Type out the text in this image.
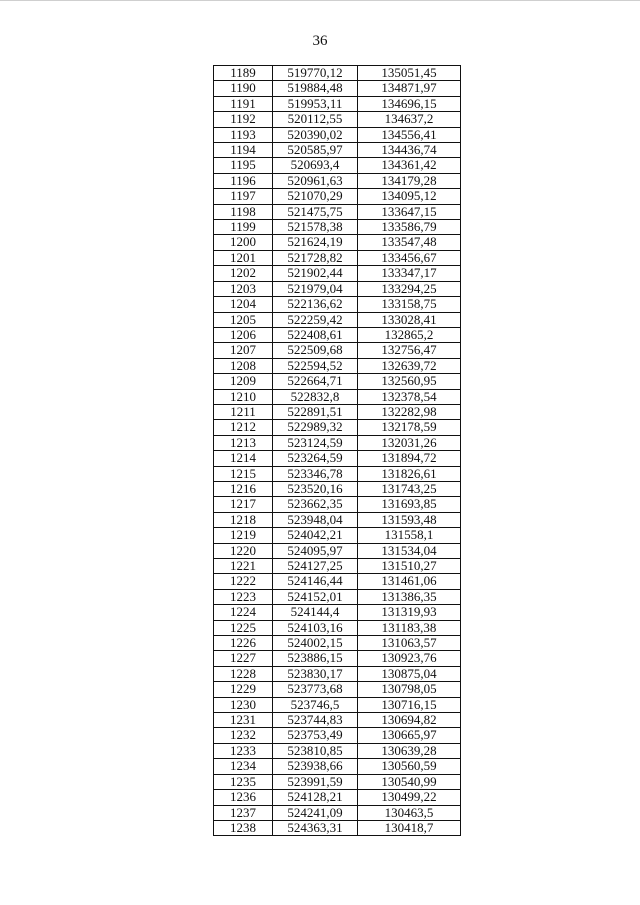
36
1189	519770,12	135051,45
1190	519884,48	134871,97
1191	519953,11	134696,15
1192	520112,55	134637,2
1193	520390,02	134556,41
1194	520585,97	134436,74
1195	520693,4	134361,42
1196	520961,63	134179,28
1197	521070,29	134095,12
1198	521475,75	133647,15
1199	521578,38	133586,79
1200	521624,19	133547,48
1201	521728,82	133456,67
1202	521902,44	133347,17
1203	521979,04	133294,25
1204	522136,62	133158,75
1205	522259,42	133028,41
1206	522408,61	132865,2
1207	522509,68	132756,47
1208	522594,52	132639,72
1209	522664,71	132560,95
1210	522832,8	132378,54
1211	522891,51	132282,98
1212	522989,32	132178,59
1213	523124,59	132031,26
1214	523264,59	131894,72
1215	523346,78	131826,61
1216	523520,16	131743,25
1217	523662,35	131693,85
1218	523948,04	131593,48
1219	524042,21	131558,1
1220	524095,97	131534,04
1221	524127,25	131510,27
1222	524146,44	131461,06
1223	524152,01	131386,35
1224	524144,4	131319,93
1225	524103,16	131183,38
1226	524002,15	131063,57
1227	523886,15	130923,76
1228	523830,17	130875,04
1229	523773,68	130798,05
1230	523746,5	130716,15
1231	523744,83	130694,82
1232	523753,49	130665,97
1233	523810,85	130639,28
1234	523938,66	130560,59
1235	523991,59	130540,99
1236	524128,21	130499,22
1237	524241,09	130463,5
1238	524363,31	130418,7
